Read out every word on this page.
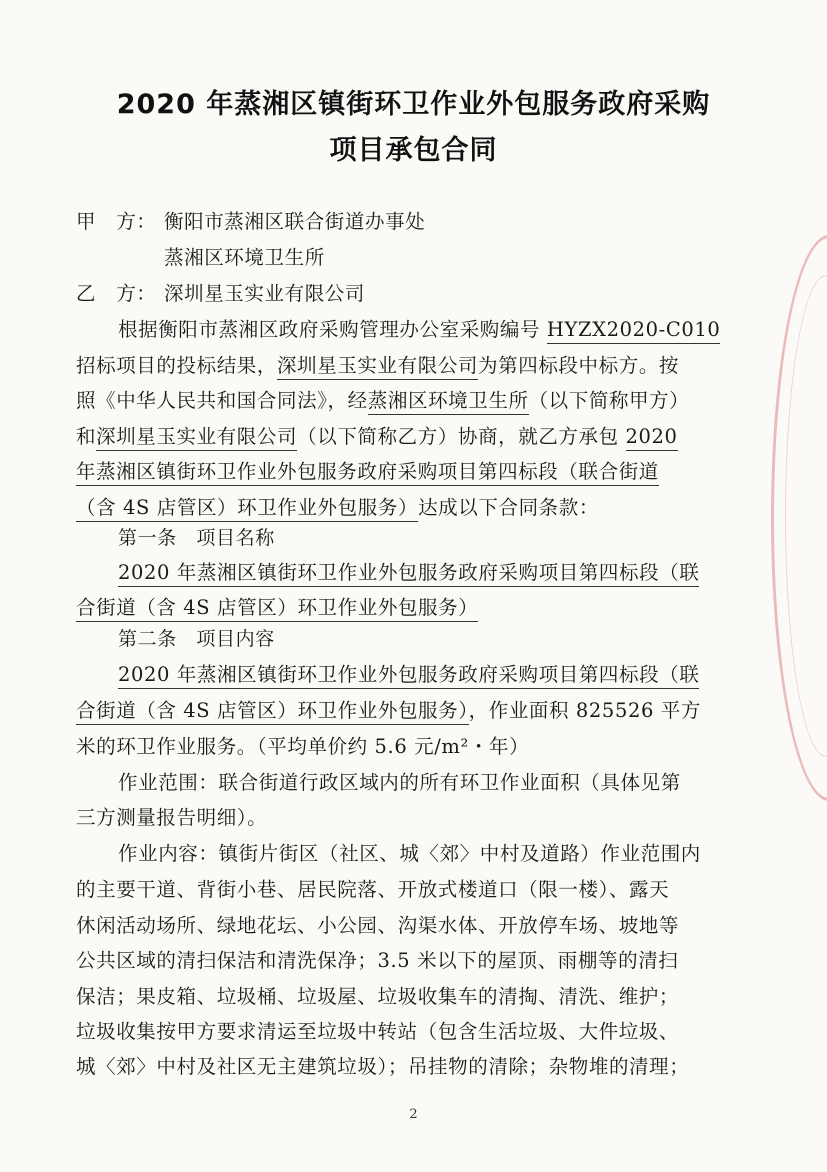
2020 年蒸湘区镇街环卫作业外包服务政府采购
项目承包合同
甲　方： 衡阳市蒸湘区联合街道办事处
蒸湘区环境卫生所
乙　方： 深圳星玉实业有限公司
根据衡阳市蒸湘区政府采购管理办公室采购编号 HYZX2020-C010
招标项目的投标结果，深圳星玉实业有限公司为第四标段中标方。按
照《中华人民共和国合同法》，经蒸湘区环境卫生所（以下简称甲方）
和深圳星玉实业有限公司（以下简称乙方）协商，就乙方承包 2020
年蒸湘区镇街环卫作业外包服务政府采购项目第四标段（联合街道
（含 4S 店管区）环卫作业外包服务）达成以下合同条款：
第一条　项目名称
2020 年蒸湘区镇街环卫作业外包服务政府采购项目第四标段（联
合街道（含 4S 店管区）环卫作业外包服务）
第二条　项目内容
2020 年蒸湘区镇街环卫作业外包服务政府采购项目第四标段（联
合街道（含 4S 店管区）环卫作业外包服务），作业面积 825526 平方
米的环卫作业服务。（平均单价约 5.6 元/m²・年）
作业范围：联合街道行政区域内的所有环卫作业面积（具体见第
三方测量报告明细）。
作业内容：镇街片街区（社区、城〈郊〉中村及道路）作业范围内
的主要干道、背街小巷、居民院落、开放式楼道口（限一楼）、露天
休闲活动场所、绿地花坛、小公园、沟渠水体、开放停车场、坡地等
公共区域的清扫保洁和清洗保净；3.5 米以下的屋顶、雨棚等的清扫
保洁；果皮箱、垃圾桶、垃圾屋、垃圾收集车的清掏、清洗、维护；
垃圾收集按甲方要求清运至垃圾中转站（包含生活垃圾、大件垃圾、
城〈郊〉中村及社区无主建筑垃圾）；吊挂物的清除；杂物堆的清理；
2
